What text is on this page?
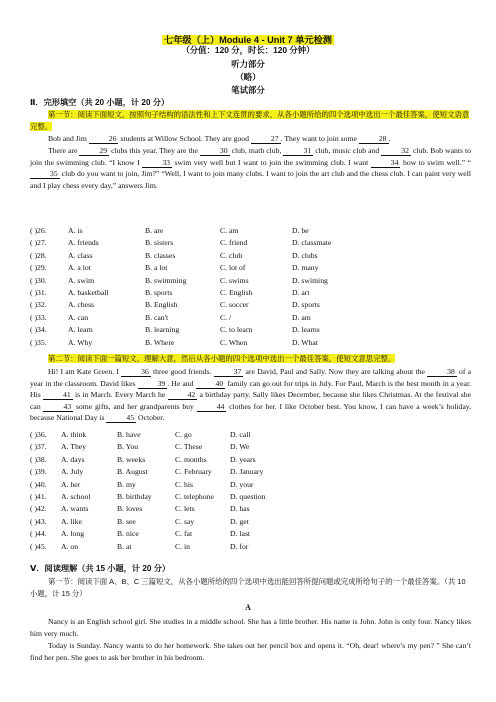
七年级（上）Module 4 - Unit 7 单元检测
（分值：120 分，时长：120 分钟）
听力部分
（略）
笔试部分
Ⅱ．完形填空（共 20 小题，计 20 分）
第一节：阅读下面短文，按照句子结构的语法性和上下文连贯的要求，从各小题所给的四个选项中选出一个最佳答案，使短文语意完整。
Bob and Jim	26 students at Willow School. They are good	27 . They want to join some	28 .
There are	29 clubs this year. They are the	30 club, math club,	31 club, music club and	32 club. Bob wants to join the swimming club. “I know I	33 swim very well but I want to join the swimming club. I want	34 how to swim well.” “35 club do you want to join, Jim?” “Well, I want to join many clubs. I want to join the art club and the chess club. I can paint very well and I play chess every day,” answers Jim.
( )26.	A. is	B. are	C. am	D. be
( )27.	A. friends	B. sisters	C. friend	D. classmate
( )28.	A. class	B. classes	C. club	D. clubs
( )29.	A. a lot	B. a lot	C. lot of	D. many
( )30.	A. swim	B. swimming	C. swims	D. swiming
( )31.	A. basketball	B. sports	C. English	D. art
( )32.	A. chess	B. English	C. soccer	D. sports
( )33.	A. can	B. can't	C. /	D. am
( )34.	A. learn	B. learning	C. to learn	D. learns
( )35.	A. Why	B. Where	C. When	D. What
第二节：阅读下面一篇短文，理解大意，然后从各小题的四个选项中选出一个最佳答案，使短文意思完整。
Hi! I am Kate Green. I	36 three good friends.	37 are David, Paul and Sally. Now they are talking about the	38 of a year in the classroom. David likes	39 . He and	40 family can go out for trips in July. For Paul, March is the best month in a year. His	41 is in March. Every March he	42 a birthday party. Sally likes December, because she likes Christmas. At the festival she can	43 some gifts, and her grandparents buy	44 clothes for her. I like October best. You know, I can have a week’s holiday, because National Day is	45 October.
( )36. A. think	B. have	C. go	D. call
( )37. A. They	B. You	C. These	D. We
( )38. A. days	B. weeks	C. months	D. years
( )39. A. July	B. August	C. February D. January
( )40. A. her	B. my	C. his	D. your
( )41. A. school	B. birthday	C. telephone D. question
( )42. A. wants	B. loves	C. lets	D. has
( )43. A. like	B. see	C. say	D. get
( )44. A. long	B. nice	C. fat	D. last
( )45. A. on	B. at	C. in	D. for
Ⅴ．阅读理解（共 15 小题，计 20 分）
第一节：阅读下面 A、B、C 三篇短文，从各小题所给的四个选项中选出能回答所提问题或完成所给句子的一个最佳答案。（共 10 小题，计 15 分）
A
Nancy is an English school girl. She studies in a middle school. She has a little brother. His name is John. John is only four. Nancy likes him very much.
Today is Sunday. Nancy wants to do her homework. She takes out her pencil box and opens it. “Oh, dear! where’s my pen? ” She can’t find her pen. She goes to ask her brother in his bedroom.
